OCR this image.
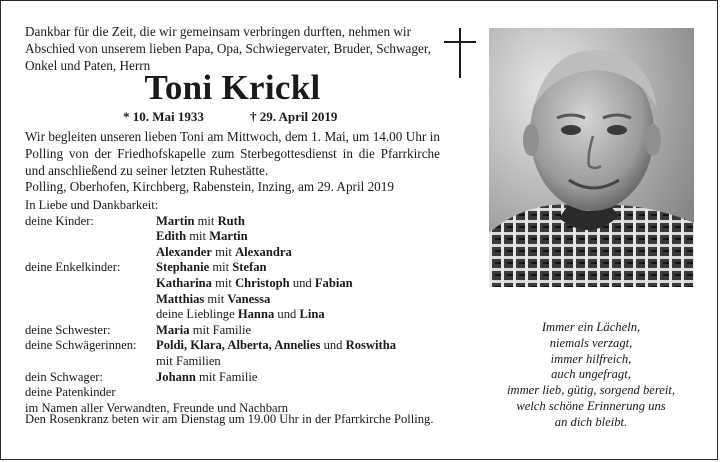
Dankbar für die Zeit, die wir gemeinsam verbringen durften, nehmen wir Abschied von unserem lieben Papa, Opa, Schwiegervater, Bruder, Schwager, Onkel und Paten, Herrn

Toni Krickl
* 10. Mai 1933	† 29. April 2019

Wir begleiten unseren lieben Toni am Mittwoch, dem 1. Mai, um 14.00 Uhr in Polling von der Friedhofskapelle zum Sterbegottesdienst in die Pfarrkirche und anschließend zu seiner letzten Ruhestätte.

Polling, Oberhofen, Kirchberg, Rabenstein, Inzing, am 29. April 2019

In Liebe und Dankbarkeit:
deine Kinder:	Martin mit Ruth
Edith mit Martin
Alexander mit Alexandra
deine Enkelkinder:	Stephanie mit Stefan
Katharina mit Christoph und Fabian
Matthias mit Vanessa
deine Lieblinge Hanna und Lina
deine Schwester:	Maria mit Familie
deine Schwägerinnen: Poldi, Klara, Alberta, Annelies und Roswitha
mit Familien
dein Schwager:	Johann mit Familie
deine Patenkinder
im Namen aller Verwandten, Freunde und Nachbarn

Den Rosenkranz beten wir am Dienstag um 19.00 Uhr in der Pfarrkirche Polling.

Immer ein Lächeln,
niemals verzagt,
immer hilfreich,
auch ungefragt,
immer lieb, gütig, sorgend bereit,
welch schöne Erinnerung uns
an dich bleibt.
